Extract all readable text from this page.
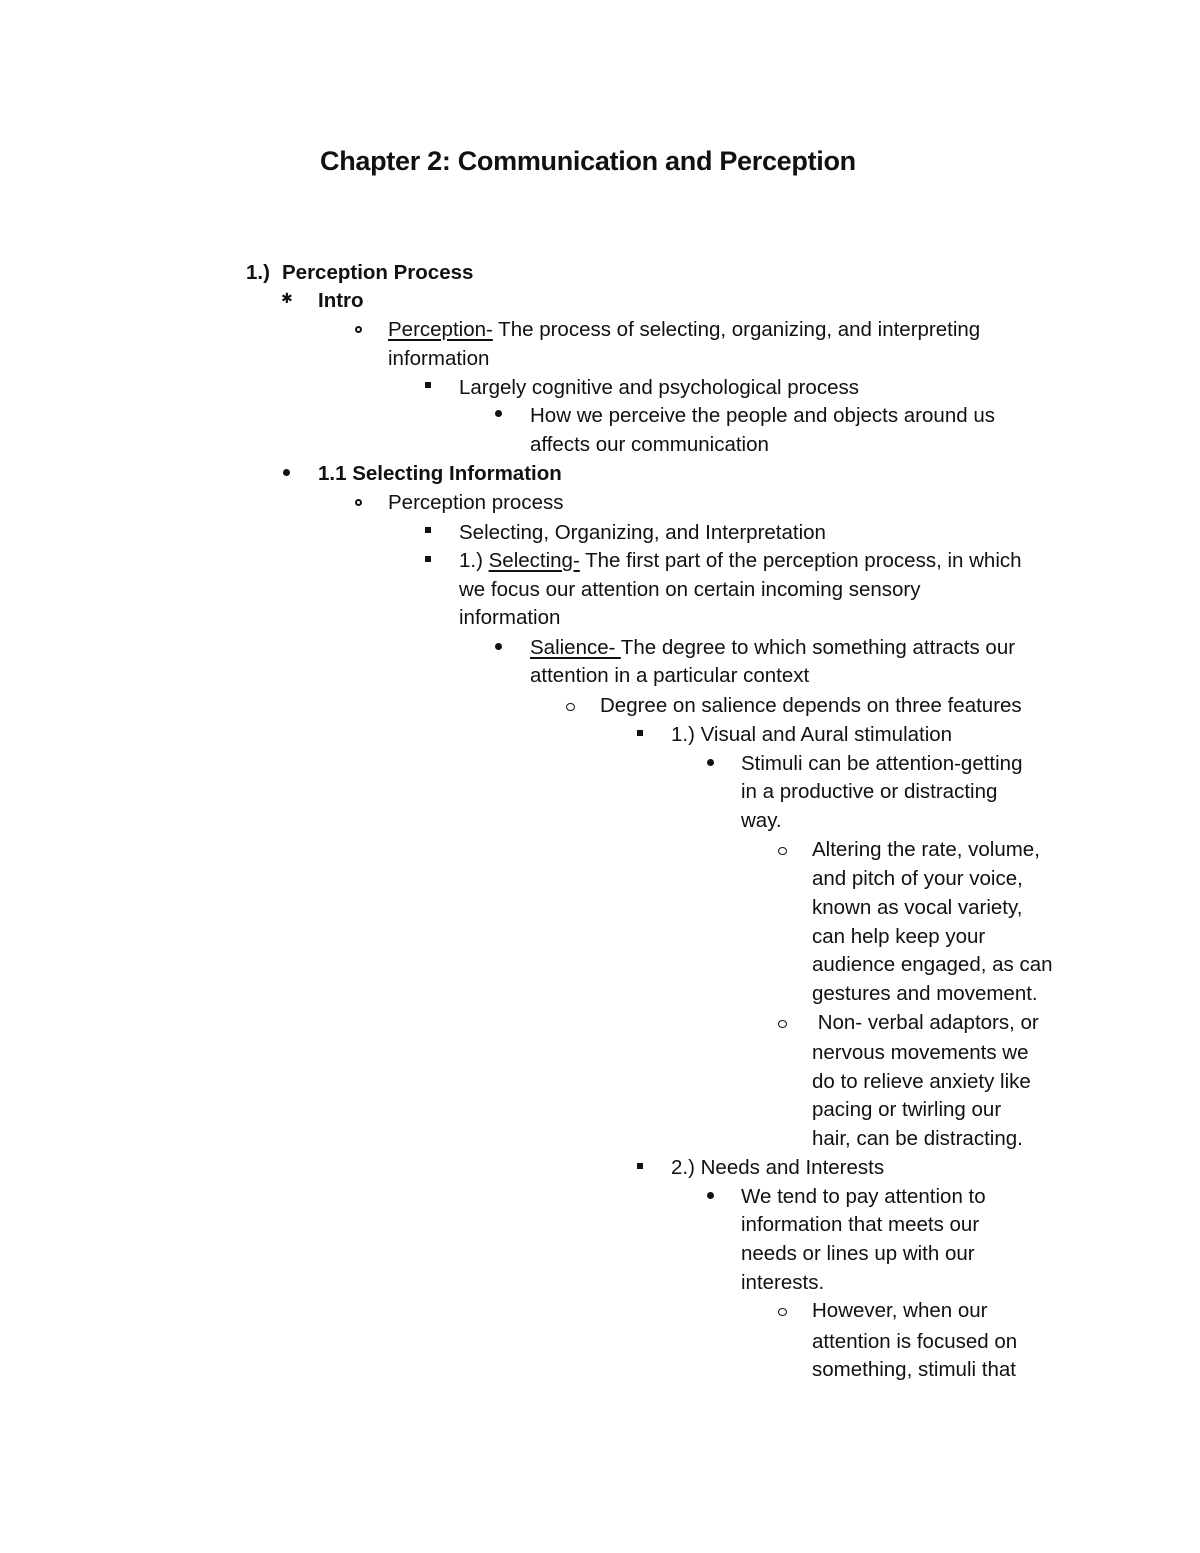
Chapter 2: Communication and Perception

1.) Perception Process

✱ Intro

Perception- The process of selecting, organizing, and interpreting

information

Largely cognitive and psychological process

How we perceive the people and objects around us

affects our communication

1.1 Selecting Information

Perception process

Selecting, Organizing, and Interpretation

1.) Selecting- The first part of the perception process, in which

we focus our attention on certain incoming sensory

information

Salience- The degree to which something attracts our

attention in a particular context

Degree on salience depends on three features

1.) Visual and Aural stimulation

Stimuli can be attention-getting

in a productive or distracting

way.

Altering the rate, volume,

and pitch of your voice,

known as vocal variety,

can help keep your

audience engaged, as can

gestures and movement.

Non- verbal adaptors, or

nervous movements we

do to relieve anxiety like

pacing or twirling our

hair, can be distracting.

2.) Needs and Interests

We tend to pay attention to

information that meets our

needs or lines up with our

interests.

However, when our

attention is focused on

something, stimuli that
